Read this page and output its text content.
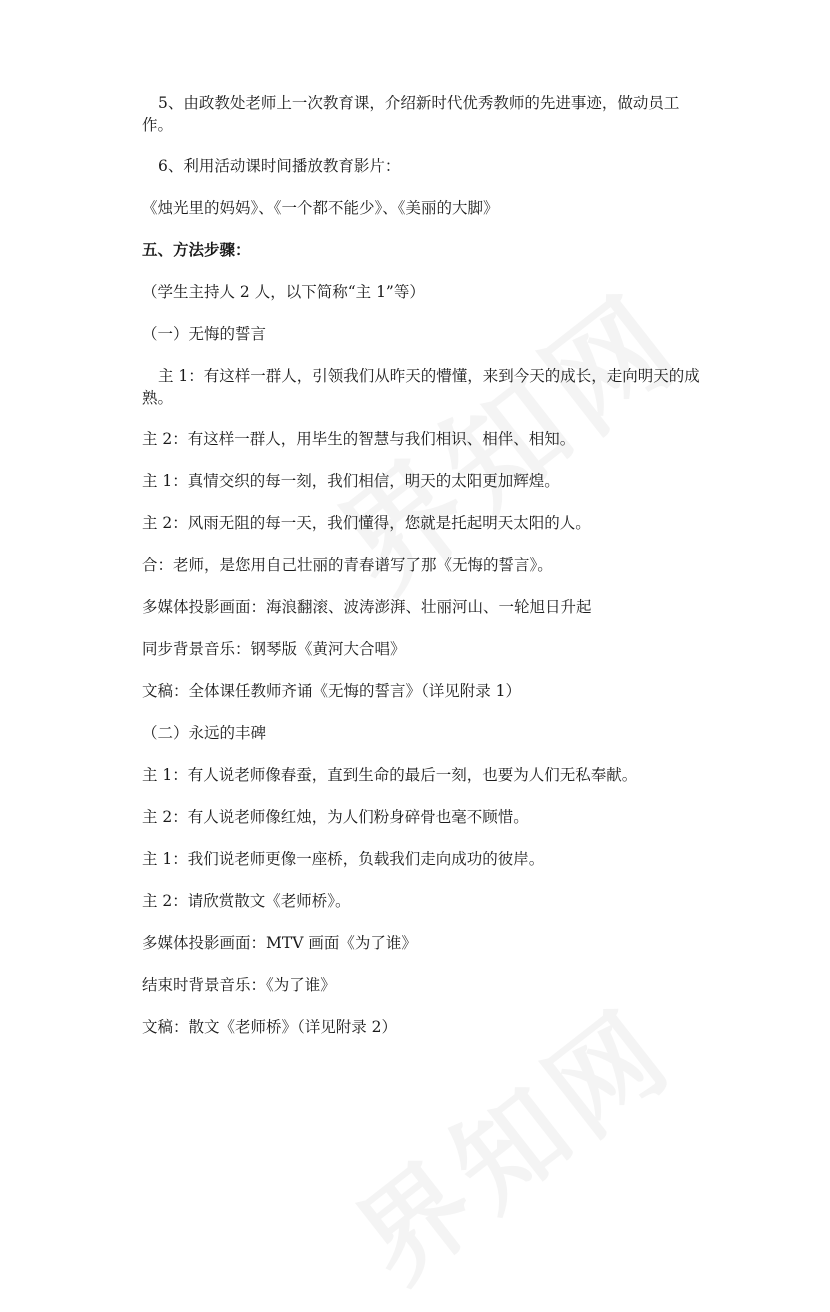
5、由政教处老师上一次教育课，介绍新时代优秀教师的先进事迹，做动员工作。

6、利用活动课时间播放教育影片：

《烛光里的妈妈》、《一个都不能少》、《美丽的大脚》

五、方法步骤：

（学生主持人 2 人，以下简称“主 1”等）

（一）无悔的誓言

主 1：有这样一群人，引领我们从昨天的懵懂，来到今天的成长，走向明天的成熟。

主 2：有这样一群人，用毕生的智慧与我们相识、相伴、相知。

主 1：真情交织的每一刻，我们相信，明天的太阳更加辉煌。

主 2：风雨无阻的每一天，我们懂得，您就是托起明天太阳的人。

合：老师，是您用自己壮丽的青春谱写了那《无悔的誓言》。

多媒体投影画面：海浪翻滚、波涛澎湃、壮丽河山、一轮旭日升起

同步背景音乐：钢琴版《黄河大合唱》

文稿：全体课任教师齐诵《无悔的誓言》（详见附录 1）

（二）永远的丰碑

主 1：有人说老师像春蚕，直到生命的最后一刻，也要为人们无私奉献。

主 2：有人说老师像红烛，为人们粉身碎骨也毫不顾惜。

主 1：我们说老师更像一座桥，负载我们走向成功的彼岸。

主 2：请欣赏散文《老师桥》。

多媒体投影画面：MTV 画面《为了谁》

结束时背景音乐：《为了谁》

文稿：散文《老师桥》（详见附录 2）
